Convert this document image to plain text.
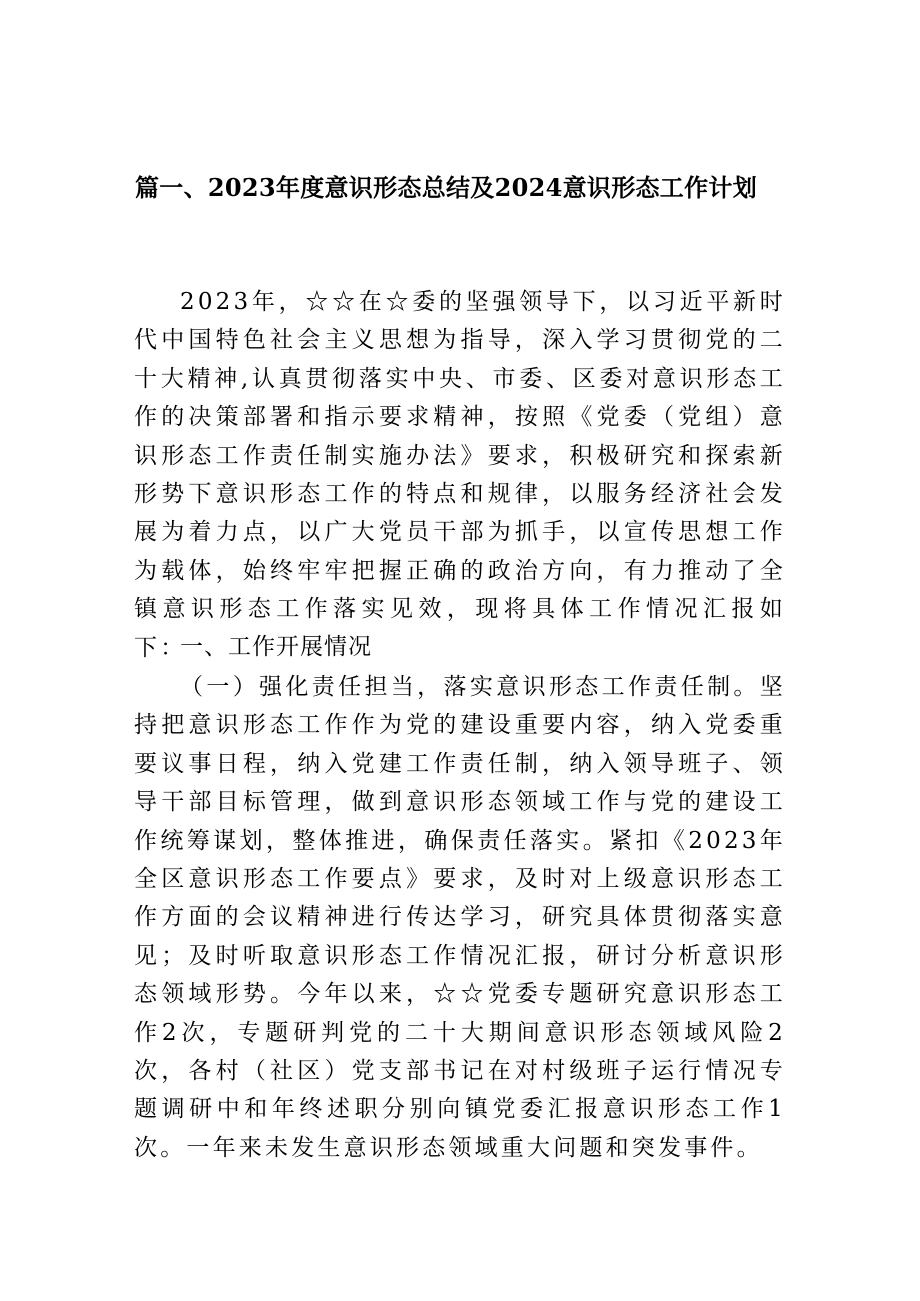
篇一、2023年度意识形态总结及2024意识形态工作计划

2023年，☆☆在☆委的坚强领导下，以习近平新时代中国特色社会主义思想为指导，深入学习贯彻党的二十大精神,认真贯彻落实中央、市委、区委对意识形态工作的决策部署和指示要求精神，按照《党委（党组）意识形态工作责任制实施办法》要求，积极研究和探索新形势下意识形态工作的特点和规律，以服务经济社会发展为着力点，以广大党员干部为抓手，以宣传思想工作为载体，始终牢牢把握正确的政治方向，有力推动了全镇意识形态工作落实见效，现将具体工作情况汇报如下：

一、工作开展情况

（一）强化责任担当，落实意识形态工作责任制。坚持把意识形态工作作为党的建设重要内容，纳入党委重要议事日程，纳入党建工作责任制，纳入领导班子、领导干部目标管理，做到意识形态领域工作与党的建设工作统筹谋划，整体推进，确保责任落实。紧扣《2023年全区意识形态工作要点》要求，及时对上级意识形态工作方面的会议精神进行传达学习，研究具体贯彻落实意见；及时听取意识形态工作情况汇报，研讨分析意识形态领域形势。今年以来，☆☆党委专题研究意识形态工作2次，专题研判党的二十大期间意识形态领域风险2次，各村（社区）党支部书记在对村级班子运行情况专题调研中和年终述职分别向镇党委汇报意识形态工作1次。一年来未发生意识形态领域重大问题和突发事件。
